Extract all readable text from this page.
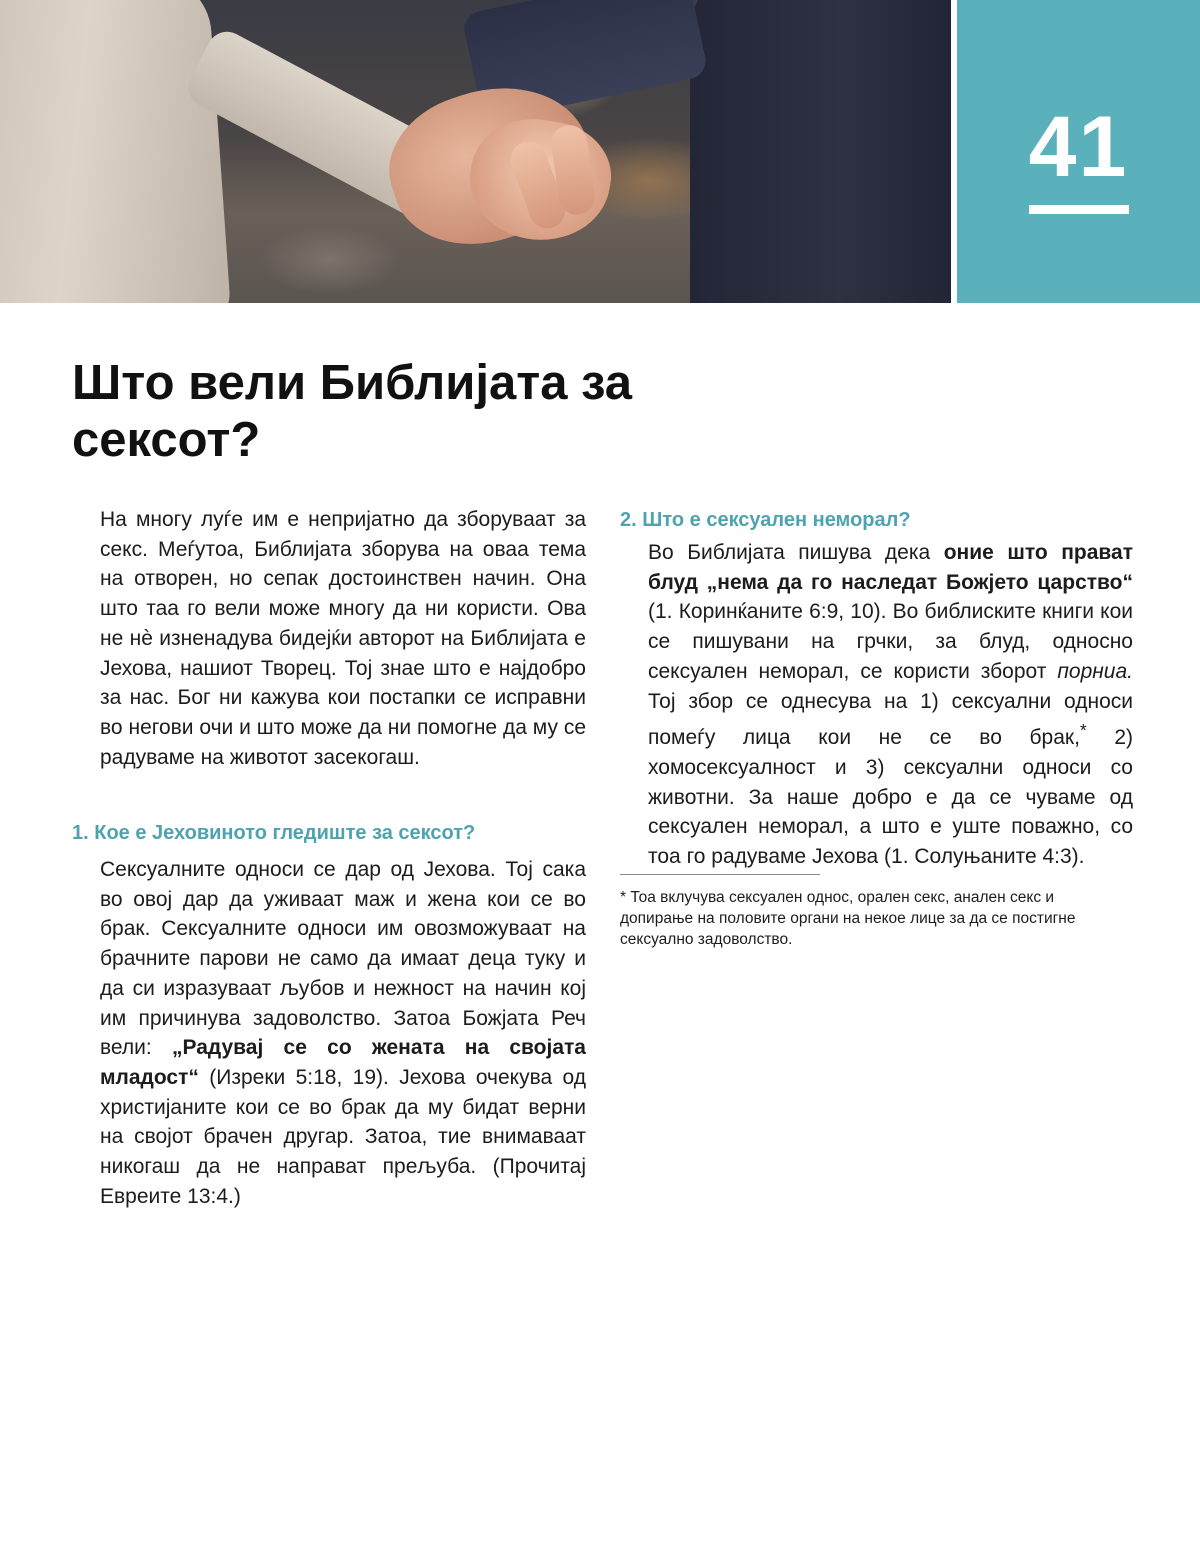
41
Што вели Библијата за сексот?

На многу луѓе им е непријатно да зборуваат за секс. Меѓутоа, Библијата зборува на оваа тема на отворен, но сепак достоинствен начин. Она што таа го вели може многу да ни користи. Ова не нѐ изненадува бидејќи авторот на Библијата е Јехова, нашиот Творец. Тој знае што е најдобро за нас. Бог ни кажува кои постапки се исправни во негови очи и што може да ни помогне да му се радуваме на животот засекогаш.

1. Кое е Јеховиното гледиште за сексот?

Сексуалните односи се дар од Јехова. Тој сака во овој дар да уживаат маж и жена кои се во брак. Сексуалните односи им овозможуваат на брачните парови не само да имаат деца туку и да си изразуваат љубов и нежност на начин кој им причинува задоволство. Затоа Божјата Реч вели: „Радувај се со жената на својата младост“ (Изреки 5:18, 19). Јехова очекува од христијаните кои се во брак да му бидат верни на својот брачен другар. Затоа, тие внимаваат никогаш да не направат прељуба. (Прочитај Евреите 13:4.)

2. Што е сексуален неморал?

Во Библијата пишува дека оние што прават блуд „нема да го наследат Божјето царство“ (1. Коринќаните 6:9, 10). Во библиските книги кои се пишувани на грчки, за блуд, односно сексуален неморал, се користи зборот порниа. Тој збор се однесува на 1) сексуални односи помеѓу лица кои не се во брак,* 2) хомосексуалност и 3) сексуални односи со животни. За наше добро е да се чуваме од сексуален неморал, а што е уште поважно, со тоа го радуваме Јехова (1. Солуњаните 4:3).

* Тоа вклучува сексуален однос, орален секс, анален секс и допирање на половите органи на некое лице за да се постигне сексуално задоволство.
